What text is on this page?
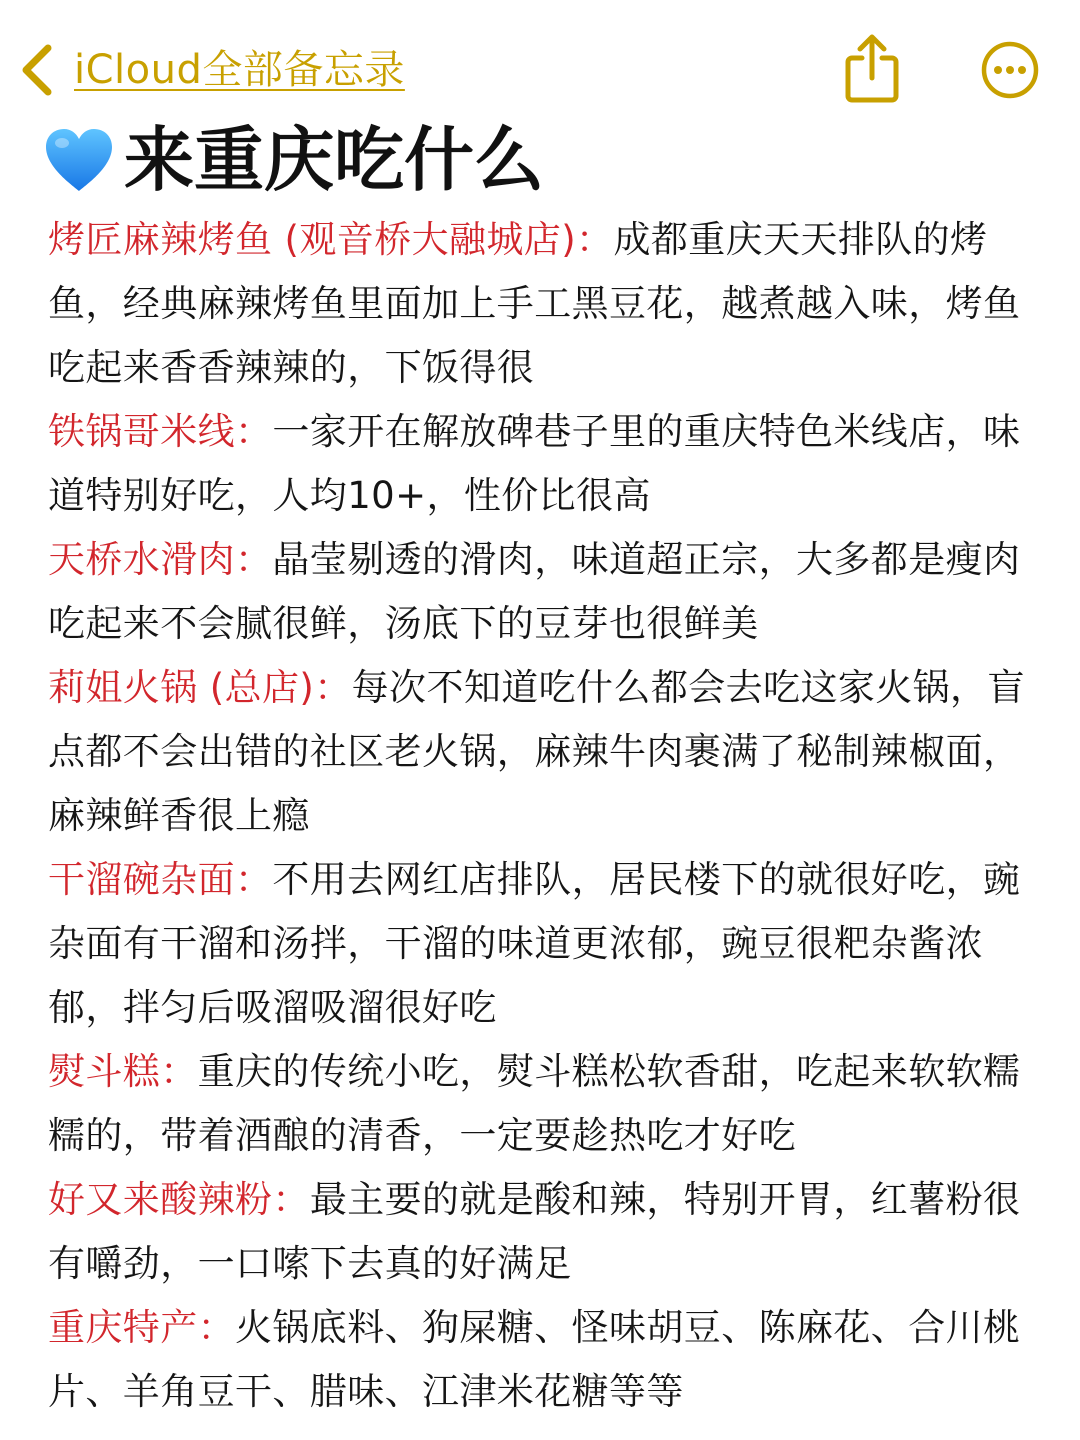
iCloud全部备忘录
来重庆吃什么
烤匠麻辣烤鱼 (观音桥大融城店)：成都重庆天天排队的烤鱼，经典麻辣烤鱼里面加上手工黑豆花，越煮越入味，烤鱼吃起来香香辣辣的，下饭得很
铁锅哥米线：一家开在解放碑巷子里的重庆特色米线店，味道特别好吃，人均10+，性价比很高
天桥水滑肉：晶莹剔透的滑肉，味道超正宗，大多都是瘦肉吃起来不会腻很鲜，汤底下的豆芽也很鲜美
莉姐火锅 (总店)：每次不知道吃什么都会去吃这家火锅，盲点都不会出错的社区老火锅，麻辣牛肉裹满了秘制辣椒面，麻辣鲜香很上瘾
干溜碗杂面：不用去网红店排队，居民楼下的就很好吃，豌杂面有干溜和汤拌，干溜的味道更浓郁，豌豆很粑杂酱浓郁，拌匀后吸溜吸溜很好吃
熨斗糕：重庆的传统小吃，熨斗糕松软香甜，吃起来软软糯糯的，带着酒酿的清香，一定要趁热吃才好吃
好又来酸辣粉：最主要的就是酸和辣，特别开胃，红薯粉很有嚼劲，一口嗦下去真的好满足
重庆特产：火锅底料、狗屎糖、怪味胡豆、陈麻花、合川桃片、羊角豆干、腊味、江津米花糖等等
